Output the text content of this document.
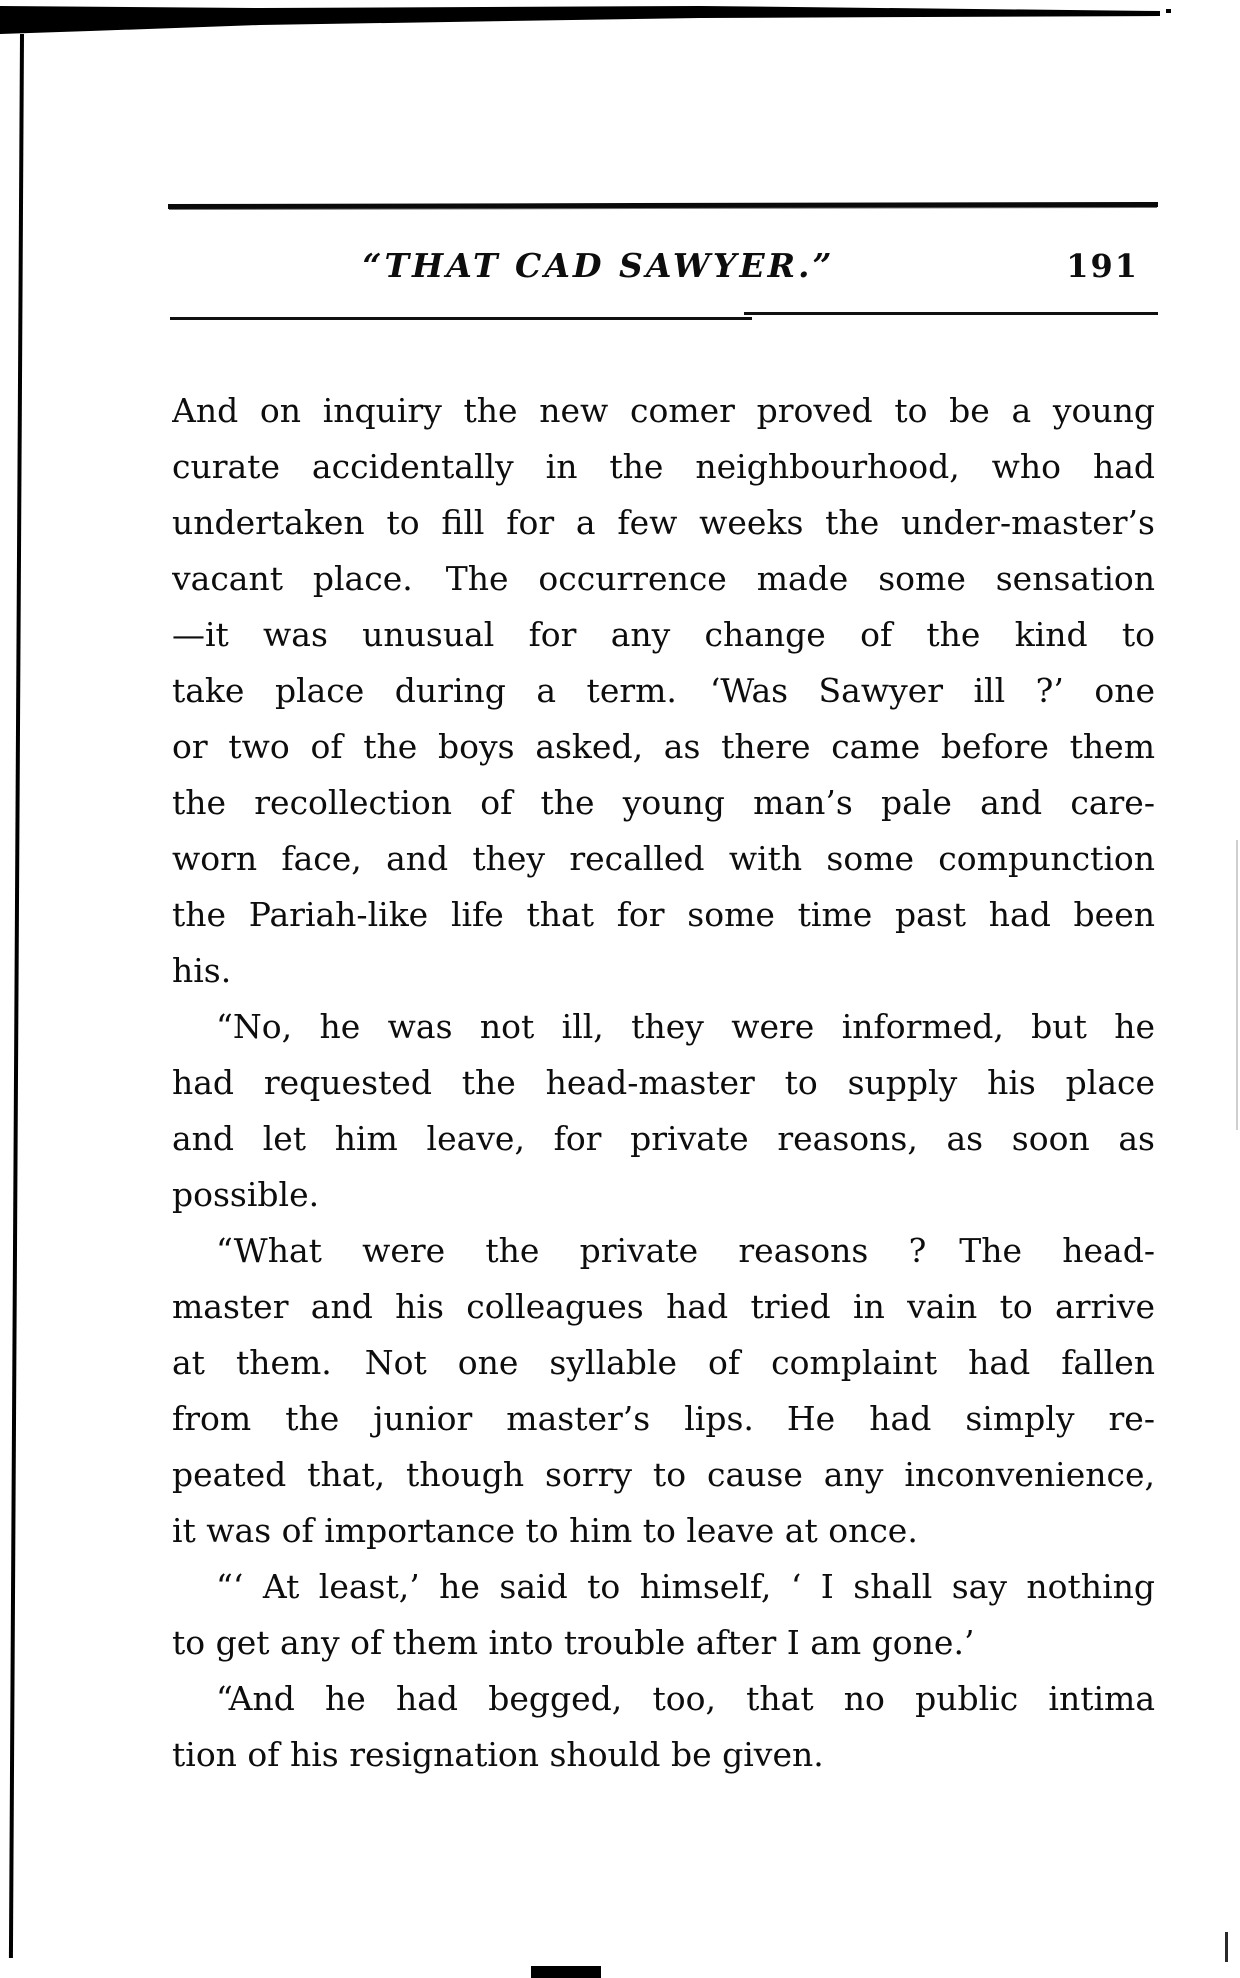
“THAT CAD SAWYER.”	191
And on inquiry the new comer proved to be a young
curate accidentally in the neighbourhood, who had
undertaken to fill for a few weeks the under-master’s
vacant place. The occurrence made some sensation
—it was unusual for any change of the kind to
take place during a term. ‘Was Sawyer ill ?’ one
or two of the boys asked, as there came before them
the recollection of the young man’s pale and care-
worn face, and they recalled with some compunction
the Pariah-like life that for some time past had been
his.
“No, he was not ill, they were informed, but he
had requested the head-master to supply his place
and let him leave, for private reasons, as soon as
possible.
“What were the private reasons ? The head-
master and his colleagues had tried in vain to arrive
at them. Not one syllable of complaint had fallen
from the junior master’s lips. He had simply re-
peated that, though sorry to cause any inconvenience,
it was of importance to him to leave at once.
“‘ At least,’ he said to himself, ‘ I shall say nothing
to get any of them into trouble after I am gone.’
“And he had begged, too, that no public intima
tion of his resignation should be given.
